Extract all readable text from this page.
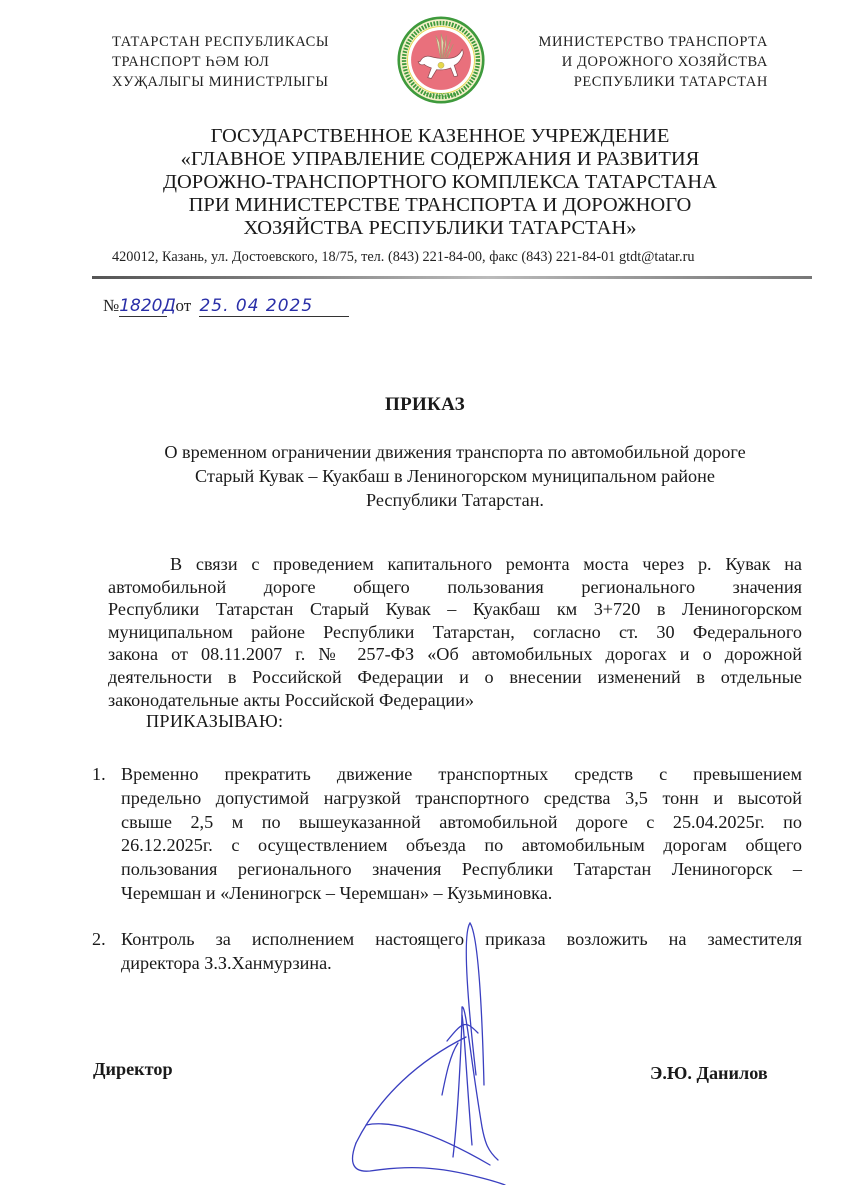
ТАТАРСТАН РЕСПУБЛИКАСЫ
ТРАНСПОРТ ҺӘМ ЮЛ
ХУҖАЛЫГЫ МИНИСТРЛЫГЫ
ТАТАРСТАН
МИНИСТЕРСТВО ТРАНСПОРТА
И ДОРОЖНОГО ХОЗЯЙСТВА
РЕСПУБЛИКИ ТАТАРСТАН
ГОСУДАРСТВЕННОЕ КАЗЕННОЕ УЧРЕЖДЕНИЕ
«ГЛАВНОЕ УПРАВЛЕНИЕ СОДЕРЖАНИЯ И РАЗВИТИЯ
ДОРОЖНО-ТРАНСПОРТНОГО КОМПЛЕКСА ТАТАРСТАНА
ПРИ МИНИСТЕРСТВЕ ТРАНСПОРТА И ДОРОЖНОГО
ХОЗЯЙСТВА РЕСПУБЛИКИ ТАТАРСТАН»
420012, Казань, ул. Достоевского, 18/75, тел. (843) 221-84-00, факс (843) 221-84-01 gtdt@tatar.ru
№1820Д от 25. 04 2025
ПРИКАЗ
О временном ограничении движения транспорта по автомобильной дороге
Старый Кувак – Куакбаш в Лениногорском муниципальном районе
Республики Татарстан.
В связи с проведением капитального ремонта моста через р. Кувак на
автомобильной дороге общего пользования регионального значения
Республики Татарстан Старый Кувак – Куакбаш км 3+720 в Лениногорском
муниципальном районе Республики Татарстан, согласно ст. 30 Федерального
закона от 08.11.2007 г. № 257-ФЗ «Об автомобильных дорогах и о дорожной
деятельности в Российской Федерации и о внесении изменений в отдельные
законодательные акты Российской Федерации»
ПРИКАЗЫВАЮ:
1. Временно прекратить движение транспортных средств с превышением
предельно допустимой нагрузкой транспортного средства 3,5 тонн и высотой
свыше 2,5 м по вышеуказанной автомобильной дороге с 25.04.2025г. по
26.12.2025г. с осуществлением объезда по автомобильным дорогам общего
пользования регионального значения Республики Татарстан Лениногорск –
Черемшан и «Лениногрск – Черемшан» – Кузьминовка.
2. Контроль за исполнением настоящего приказа возложить на заместителя
директора З.З.Ханмурзина.
Директор	Э.Ю. Данилов
